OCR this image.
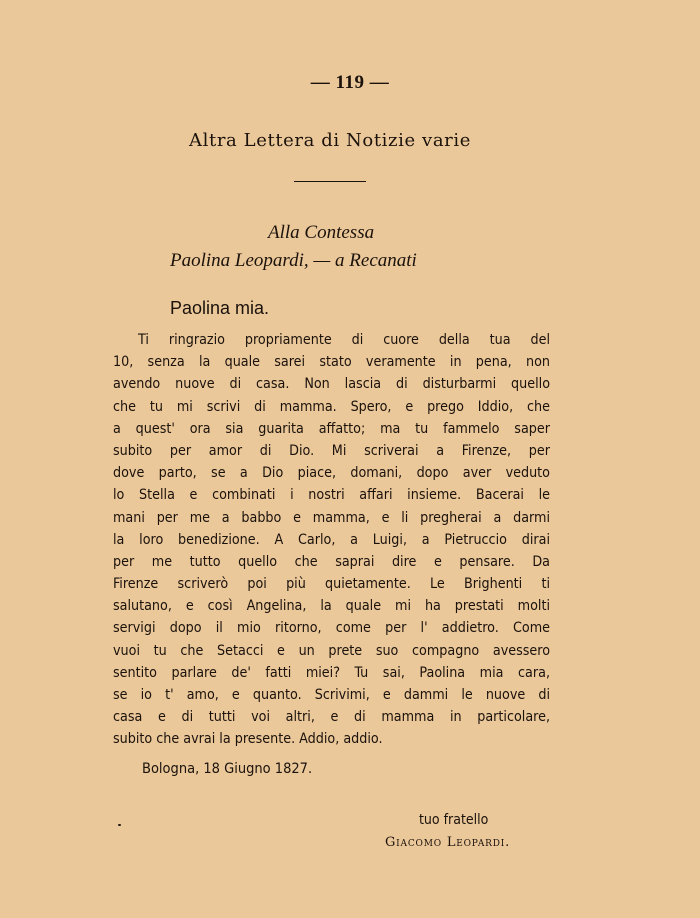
— 119 —
Altra Lettera di Notizie varie
Alla Contessa
Paolina Leopardi, — a Recanati
Paolina mia.
Ti ringrazio propriamente di cuore della tua del
10, senza la quale sarei stato veramente in pena, non
avendo nuove di casa. Non lascia di disturbarmi quello
che tu mi scrivi di mamma. Spero, e prego Iddio, che
a quest' ora sia guarita affatto; ma tu fammelo saper
subito per amor di Dio. Mi scriverai a Firenze, per
dove parto, se a Dio piace, domani, dopo aver veduto
lo Stella e combinati i nostri affari insieme. Bacerai le
mani per me a babbo e mamma, e li pregherai a darmi
la loro benedizione. A Carlo, a Luigi, a Pietruccio dirai
per me tutto quello che saprai dire e pensare. Da
Firenze scriverò poi più quietamente. Le Brighenti ti
salutano, e così Angelina, la quale mi ha prestati molti
servigi dopo il mio ritorno, come per l' addietro. Come
vuoi tu che Setacci e un prete suo compagno avessero
sentito parlare de' fatti miei? Tu sai, Paolina mia cara,
se io t' amo, e quanto. Scrivimi, e dammi le nuove di
casa e di tutti voi altri, e di mamma in particolare,
subito che avrai la presente. Addio, addio.
Bologna, 18 Giugno 1827.
tuo fratello
Giacomo Leopardi.
